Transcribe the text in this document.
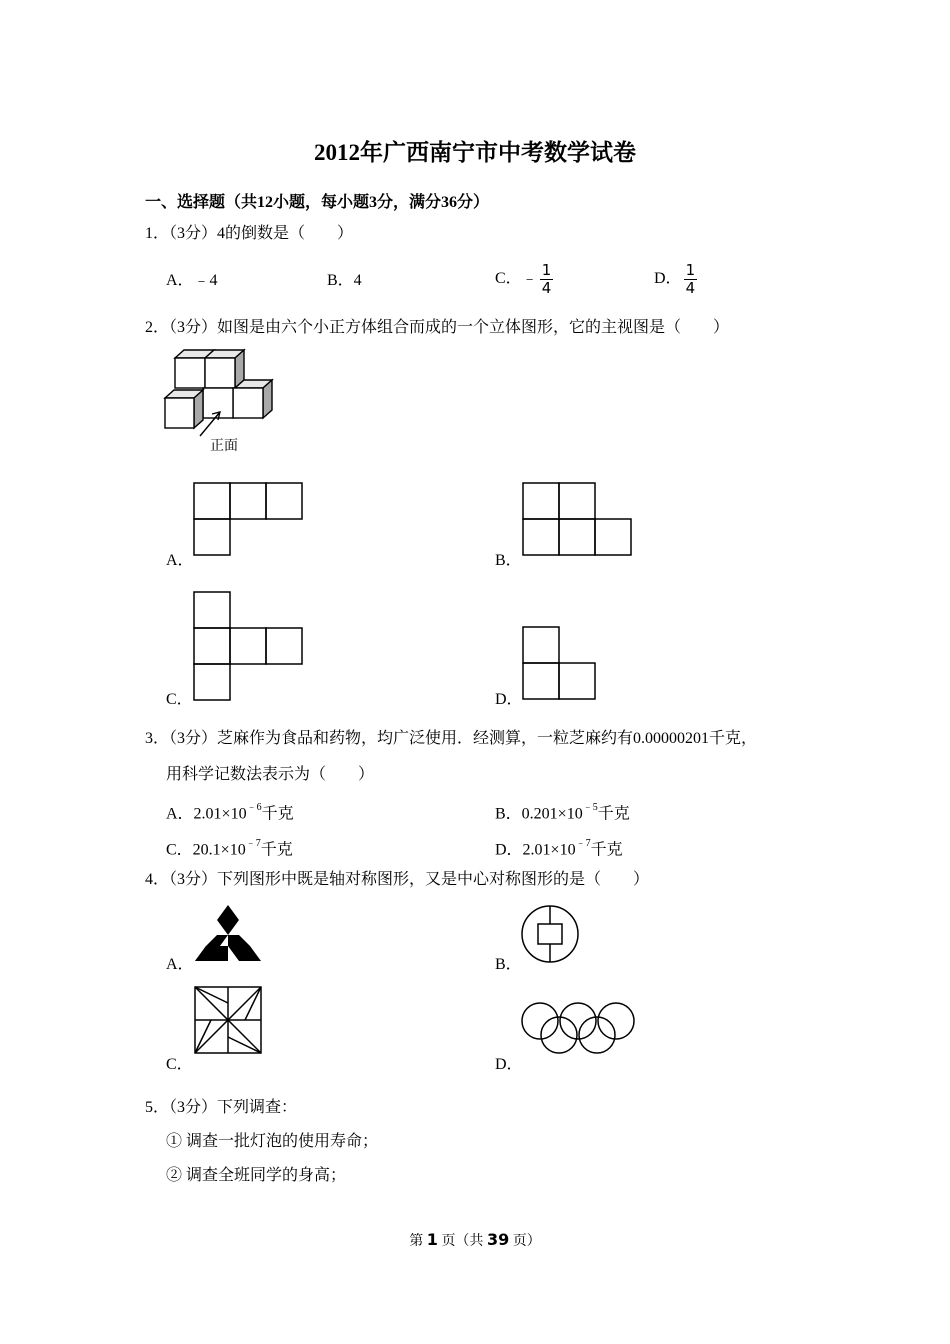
2012年广西南宁市中考数学试卷
一、选择题（共12小题，每小题3分，满分36分）
1．（3分）4的倒数是（　　）
A．﹣4	B．4	C．﹣ $\frac{1}{4}$	D． $\frac{1}{4}$
2．（3分）如图是由六个小正方体组合而成的一个立体图形，它的主视图是（　　）
正面
A．	B．
C．	D．
3．（3分）芝麻作为食品和药物，均广泛使用．经测算，一粒芝麻约有0.00000201千克，
用科学记数法表示为（　　）
A．$2.01\times 10^{﹣6}$千克	B．$0.201\times 10^{﹣5}$千克
C．$20.1\times 10^{﹣7}$千克	D．$2.01\times 10^{﹣7}$千克
4．（3分）下列图形中既是轴对称图形，又是中心对称图形的是（　　）
A．	B．
C．	D．
5．（3分）下列调查：
① 调查一批灯泡的使用寿命；
② 调查全班同学的身高；
第 1 页（共 39 页）
